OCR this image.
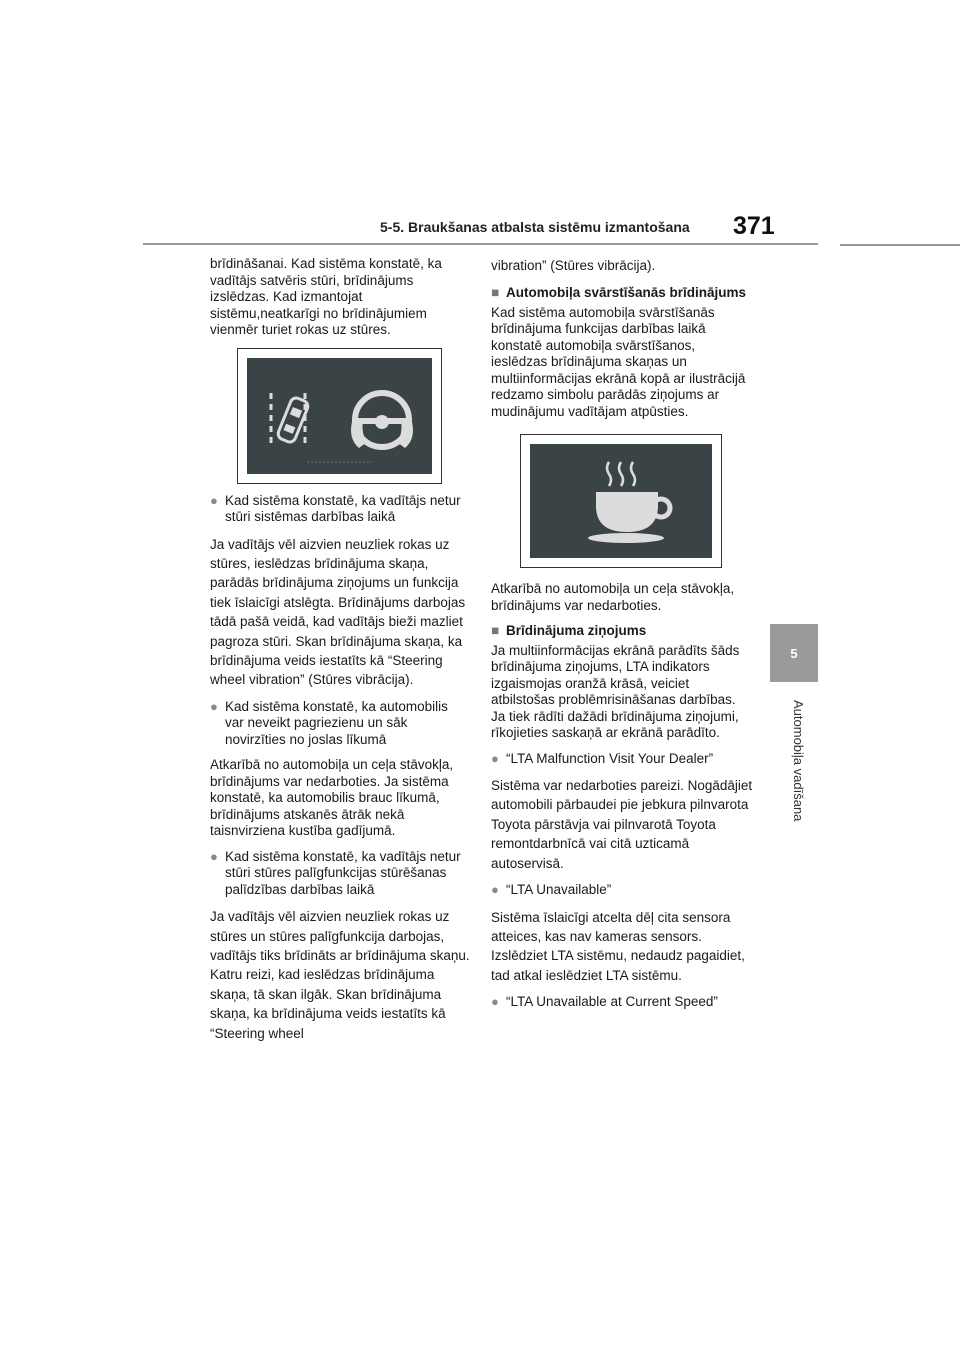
5-5. Braukšanas atbalsta sistēmu izmantošana 371
5
Automobiļa vadīšana

brīdināšanai. Kad sistēma konstatē, ka vadītājs satvēris stūri, brīdinājums izslēdzas. Kad izmantojat sistēmu,neatkarīgi no brīdinājumiem vienmēr turiet rokas uz stūres.

● Kad sistēma konstatē, ka vadītājs netur stūri sistēmas darbības laikā

Ja vadītājs vēl aizvien neuzliek rokas uz stūres, ieslēdzas brīdinājuma skaņa, parādās brīdinājuma ziņojums un funkcija tiek īslaicīgi atslēgta. Brīdinājums darbojas tādā pašā veidā, kad vadītājs bieži mazliet pagroza stūri. Skan brīdinājuma skaņa, ka brīdinājuma veids iestatīts kā “Steering wheel vibration” (Stūres vibrācija).

● Kad sistēma konstatē, ka automobilis var neveikt pagriezienu un sāk novirzīties no joslas līkumā

Atkarībā no automobiļa un ceļa stāvokļa, brīdinājums var nedarboties. Ja sistēma konstatē, ka automobilis brauc līkumā, brīdinājums atskanēs ātrāk nekā taisnvirziena kustība gadījumā.

● Kad sistēma konstatē, ka vadītājs netur stūri stūres palīgfunkcijas stūrēšanas palīdzības darbības laikā

Ja vadītājs vēl aizvien neuzliek rokas uz stūres un stūres palīgfunkcija darbojas, vadītājs tiks brīdināts ar brīdinājuma skaņu. Katru reizi, kad ieslēdzas brīdinājuma skaņa, tā skan ilgāk. Skan brīdinājuma skaņa, ka brīdinājuma veids iestatīts kā “Steering wheel

vibration” (Stūres vibrācija).

■ Automobiļa svārstīšanās brīdinājums

Kad sistēma automobiļa svārstīšanās brīdinājuma funkcijas darbības laikā konstatē automobiļa svārstīšanos, ieslēdzas brīdinājuma skaņas un multiinformācijas ekrānā kopā ar ilustrācijā redzamo simbolu parādās ziņojums ar mudinājumu vadītājam atpūsties.

Atkarībā no automobiļa un ceļa stāvokļa, brīdinājums var nedarboties.

■ Brīdinājuma ziņojums

Ja multiinformācijas ekrānā parādīts šāds brīdinājuma ziņojums, LTA indikators izgaismojas oranžā krāsā, veiciet atbilstošas problēmrisināšanas darbības. Ja tiek rādīti dažādi brīdinājuma ziņojumi, rīkojieties saskaņā ar ekrānā parādīto.

● “LTA Malfunction Visit Your Dealer”

Sistēma var nedarboties pareizi. Nogādājiet automobili pārbaudei pie jebkura pilnvarota Toyota pārstāvja vai pilnvarotā Toyota remontdarbnīcā vai citā uzticamā autoservisā.

● “LTA Unavailable”

Sistēma īslaicīgi atcelta dēļ cita sensora atteices, kas nav kameras sensors. Izslēdziet LTA sistēmu, nedaudz pagaidiet, tad atkal ieslēdziet LTA sistēmu.

● “LTA Unavailable at Current Speed”
